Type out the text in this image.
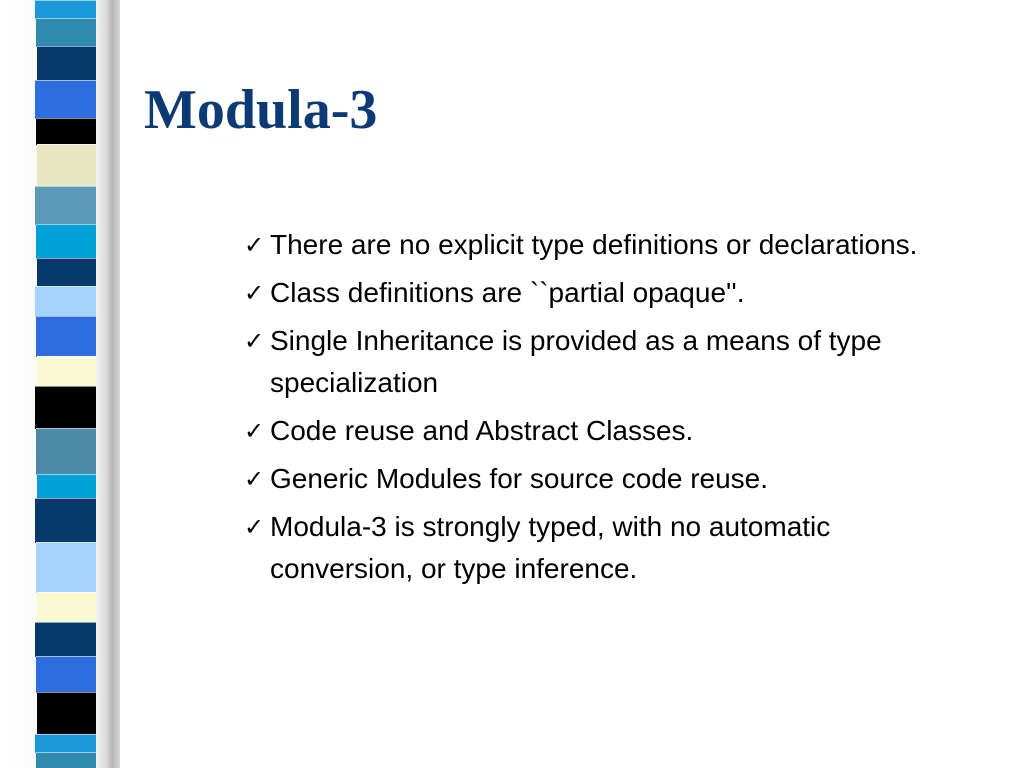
Modula-3
✓ There are no explicit type definitions or declarations.
✓ Class definitions are ``partial opaque''.
✓ Single Inheritance is provided as a means of type specialization
✓ Code reuse and Abstract Classes.
✓ Generic Modules for source code reuse.
✓ Modula-3 is strongly typed, with no automatic conversion, or type inference.
